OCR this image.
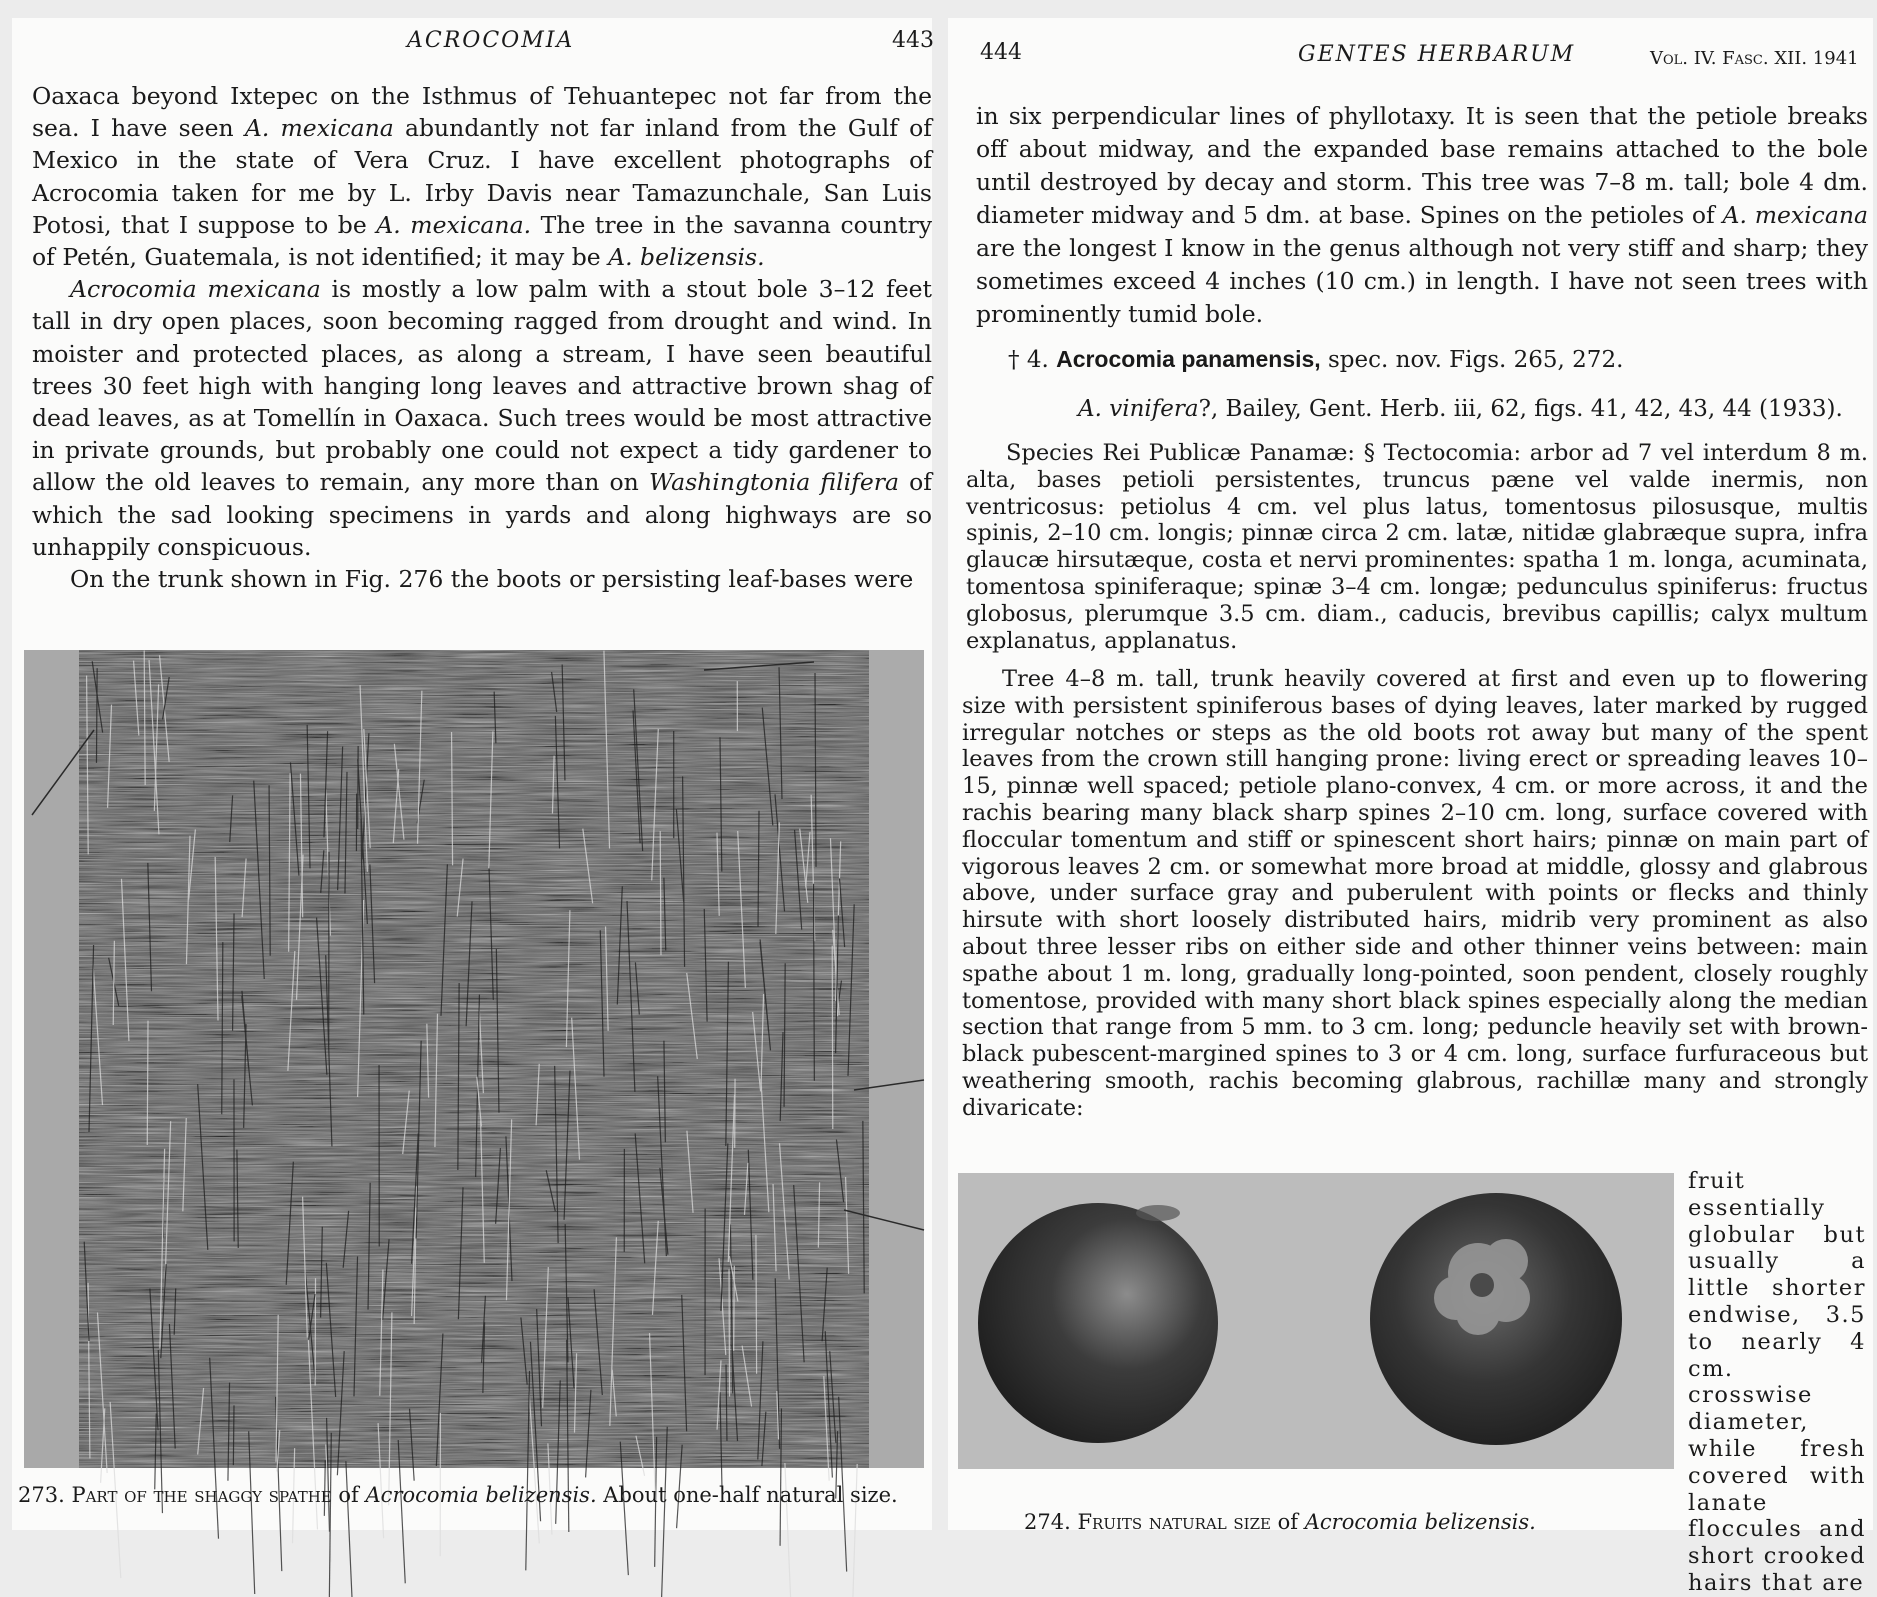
ACROCOMIA	443

Oaxaca beyond Ixtepec on the Isthmus of Tehuantepec not far from the sea. I have seen A. mexicana abundantly not far inland from the Gulf of Mexico in the state of Vera Cruz. I have excellent photographs of Acrocomia taken for me by L. Irby Davis near Tamazunchale, San Luis Potosi, that I suppose to be A. mexicana. The tree in the savanna country of Petén, Guatemala, is not identified; it may be A. belizensis.

Acrocomia mexicana is mostly a low palm with a stout bole 3–12 feet tall in dry open places, soon becoming ragged from drought and wind. In moister and protected places, as along a stream, I have seen beautiful trees 30 feet high with hanging long leaves and attractive brown shag of dead leaves, as at Tomellín in Oaxaca. Such trees would be most attractive in private grounds, but probably one could not expect a tidy gardener to allow the old leaves to remain, any more than on Washingtonia filifera of which the sad looking specimens in yards and along highways are so unhappily conspicuous.

On the trunk shown in Fig. 276 the boots or persisting leaf-bases were

273. Part of the shaggy spathe of Acrocomia belizensis. About one-half natural size.
444	GENTES HERBARUM	Vol. IV. Fasc. XII. 1941

in six perpendicular lines of phyllotaxy. It is seen that the petiole breaks off about midway, and the expanded base remains attached to the bole until destroyed by decay and storm. This tree was 7–8 m. tall; bole 4 dm. diameter midway and 5 dm. at base. Spines on the petioles of A. mexicana are the longest I know in the genus although not very stiff and sharp; they sometimes exceed 4 inches (10 cm.) in length. I have not seen trees with prominently tumid bole.

† 4. Acrocomia panamensis, spec. nov. Figs. 265, 272.
A. vinifera?, Bailey, Gent. Herb. iii, 62, figs. 41, 42, 43, 44 (1933).

Species Rei Publicæ Panamæ: § Tectocomia: arbor ad 7 vel interdum 8 m. alta, bases petioli persistentes, truncus pæne vel valde inermis, non ventricosus: petiolus 4 cm. vel plus latus, tomentosus pilosusque, multis spinis, 2–10 cm. longis; pinnæ circa 2 cm. latæ, nitidæ glabræque supra, infra glaucæ hirsutæque, costa et nervi prominentes: spatha 1 m. longa, acuminata, tomentosa spiniferaque; spinæ 3–4 cm. longæ; pedunculus spiniferus: fructus globosus, plerumque 3.5 cm. diam., caducis, brevibus capillis; calyx multum explanatus, applanatus.

Tree 4–8 m. tall, trunk heavily covered at first and even up to flowering size with persistent spiniferous bases of dying leaves, later marked by rugged irregular notches or steps as the old boots rot away but many of the spent leaves from the crown still hanging prone: living erect or spreading leaves 10–15, pinnæ well spaced; petiole plano-convex, 4 cm. or more across, it and the rachis bearing many black sharp spines 2–10 cm. long, surface covered with floccular tomentum and stiff or spinescent short hairs; pinnæ on main part of vigorous leaves 2 cm. or somewhat more broad at middle, glossy and glabrous above, under surface gray and puberulent with points or flecks and thinly hirsute with short loosely distributed hairs, midrib very prominent as also about three lesser ribs on either side and other thinner veins between: main spathe about 1 m. long, gradually long-pointed, soon pendent, closely roughly tomentose, provided with many short black spines especially along the median section that range from 5 mm. to 3 cm. long; peduncle heavily set with brown-black pubescent-margined spines to 3 or 4 cm. long, surface furfuraceous but weathering smooth, rachis becoming glabrous, rachillæ many and strongly divaricate:

fruit essentially globular but usually a little shorter endwise, 3.5 to nearly 4 cm. crosswise diameter, while fresh covered with lanate floccules and short crooked hairs that are

274. Fruits natural size of Acrocomia belizensis.
